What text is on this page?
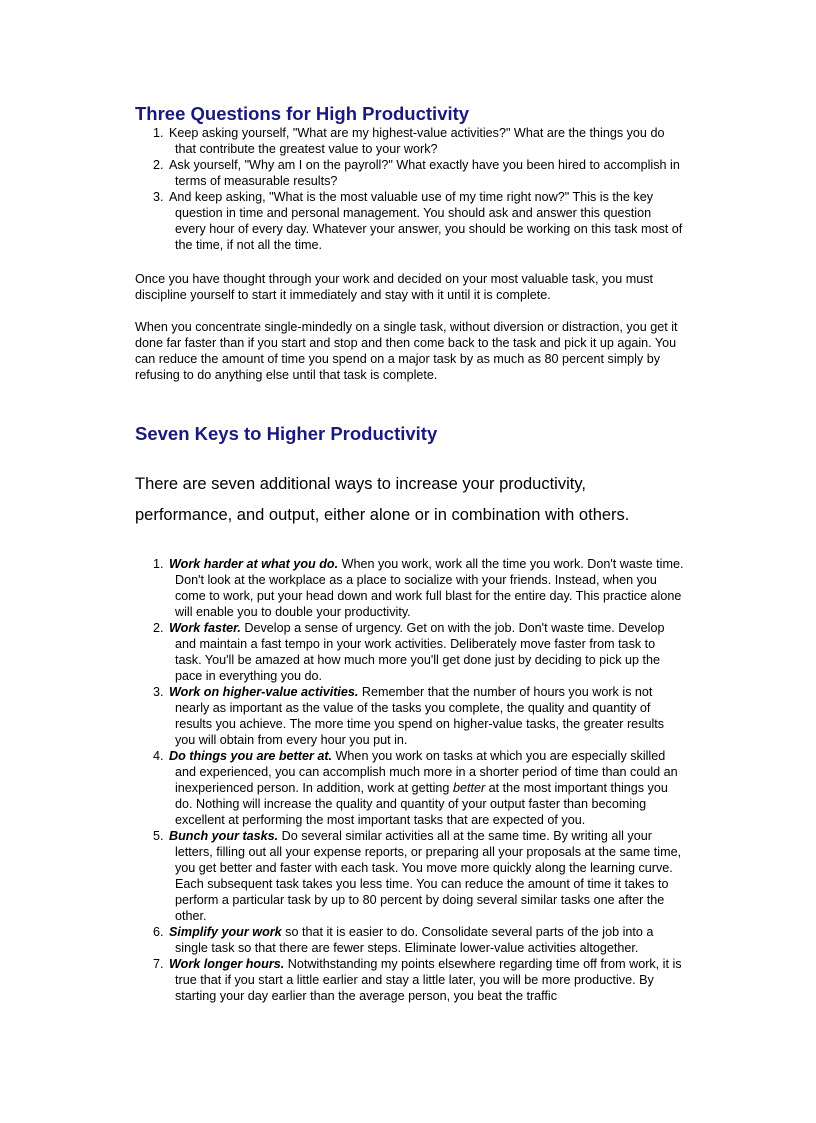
Three Questions for High Productivity
1. Keep asking yourself, "What are my highest-value activities?" What are the things you do that contribute the greatest value to your work?
2. Ask yourself, "Why am I on the payroll?" What exactly have you been hired to accomplish in terms of measurable results?
3. And keep asking, "What is the most valuable use of my time right now?" This is the key question in time and personal management. You should ask and answer this question every hour of every day. Whatever your answer, you should be working on this task most of the time, if not all the time.

Once you have thought through your work and decided on your most valuable task, you must discipline yourself to start it immediately and stay with it until it is complete.

When you concentrate single-mindedly on a single task, without diversion or distraction, you get it done far faster than if you start and stop and then come back to the task and pick it up again. You can reduce the amount of time you spend on a major task by as much as 80 percent simply by refusing to do anything else until that task is complete.

Seven Keys to Higher Productivity

There are seven additional ways to increase your productivity, performance, and output, either alone or in combination with others.

1. Work harder at what you do. When you work, work all the time you work. Don't waste time. Don't look at the workplace as a place to socialize with your friends. Instead, when you come to work, put your head down and work full blast for the entire day. This practice alone will enable you to double your productivity.
2. Work faster. Develop a sense of urgency. Get on with the job. Don't waste time. Develop and maintain a fast tempo in your work activities. Deliberately move faster from task to task. You'll be amazed at how much more you'll get done just by deciding to pick up the pace in everything you do.
3. Work on higher-value activities. Remember that the number of hours you work is not nearly as important as the value of the tasks you complete, the quality and quantity of results you achieve. The more time you spend on higher-value tasks, the greater results you will obtain from every hour you put in.
4. Do things you are better at. When you work on tasks at which you are especially skilled and experienced, you can accomplish much more in a shorter period of time than could an inexperienced person. In addition, work at getting better at the most important things you do. Nothing will increase the quality and quantity of your output faster than becoming excellent at performing the most important tasks that are expected of you.
5. Bunch your tasks. Do several similar activities all at the same time. By writing all your letters, filling out all your expense reports, or preparing all your proposals at the same time, you get better and faster with each task. You move more quickly along the learning curve. Each subsequent task takes you less time. You can reduce the amount of time it takes to perform a particular task by up to 80 percent by doing several similar tasks one after the other.
6. Simplify your work so that it is easier to do. Consolidate several parts of the job into a single task so that there are fewer steps. Eliminate lower-value activities altogether.
7. Work longer hours. Notwithstanding my points elsewhere regarding time off from work, it is true that if you start a little earlier and stay a little later, you will be more productive. By starting your day earlier than the average person, you beat the traffic
